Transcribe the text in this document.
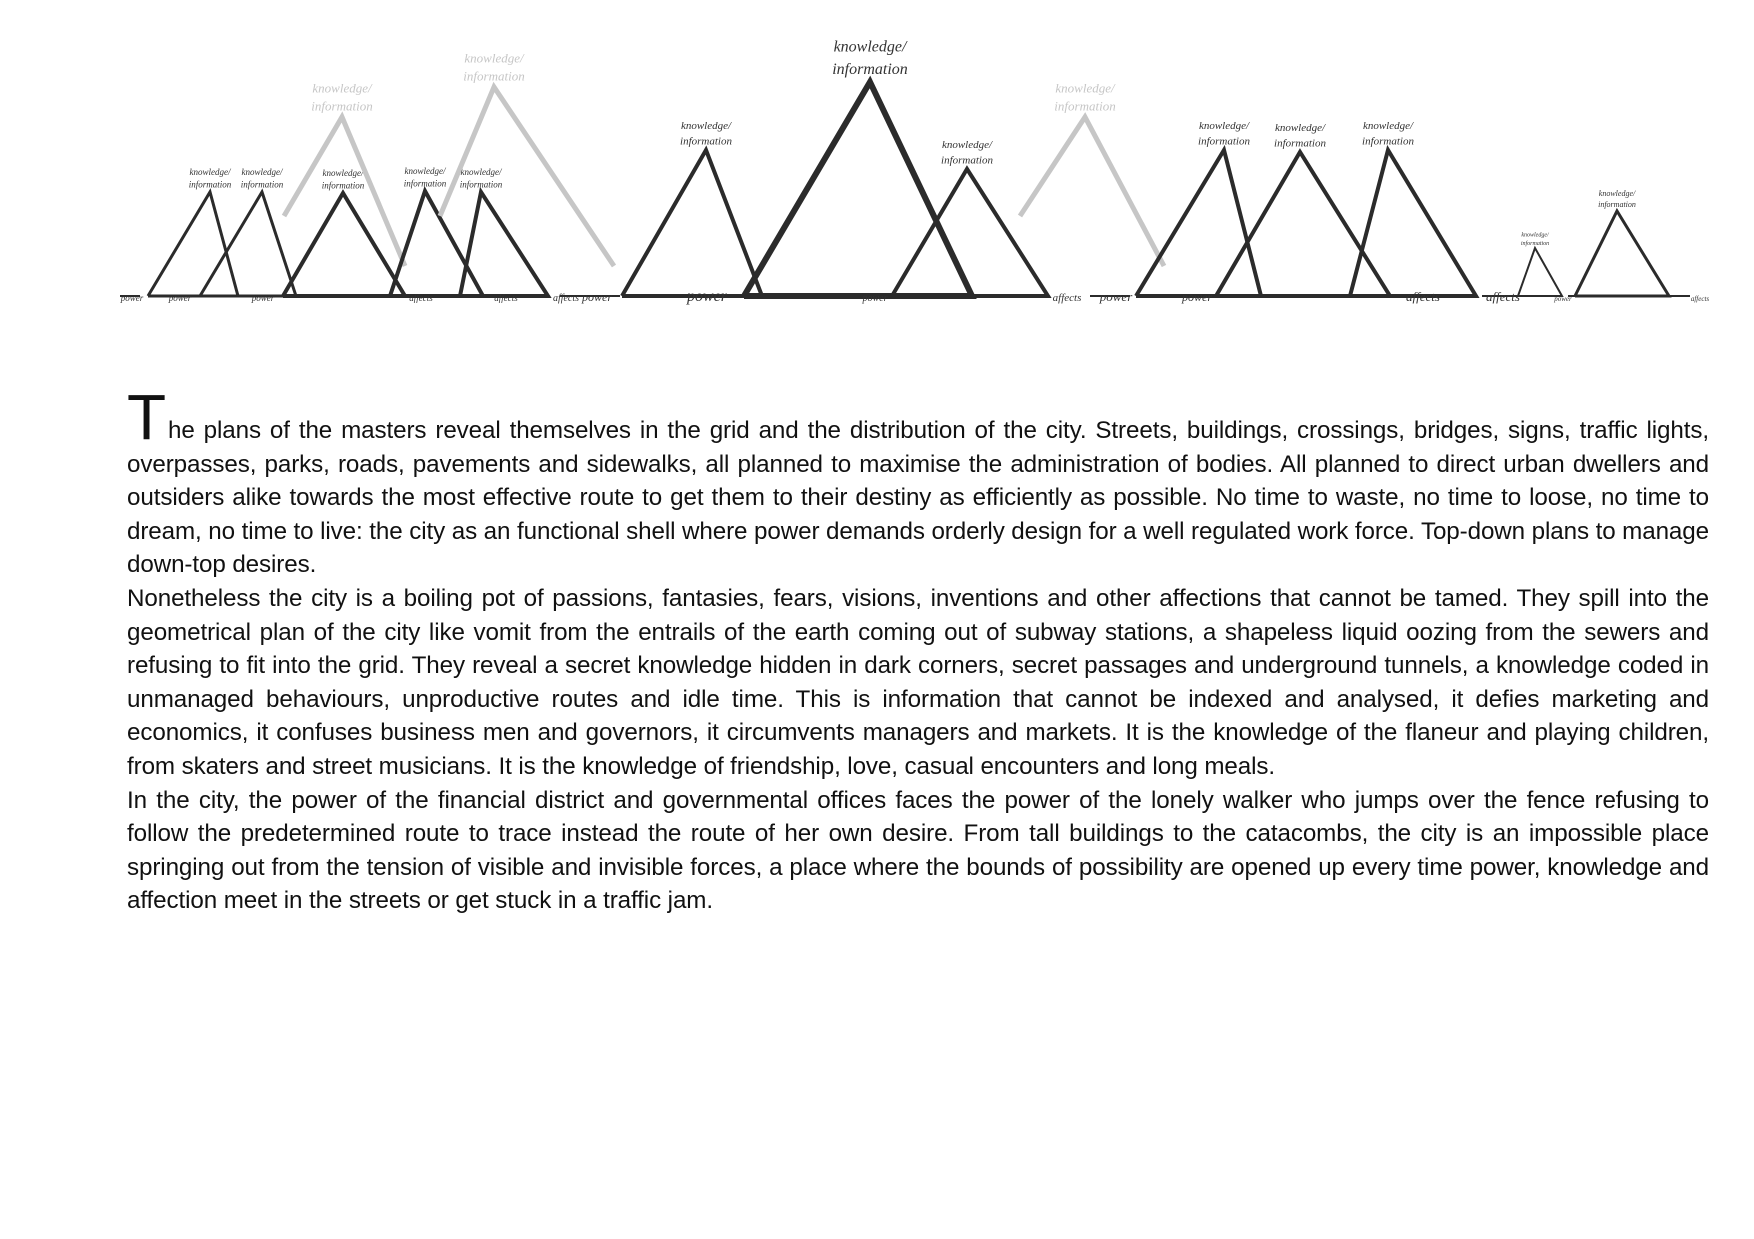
knowledge/
information
knowledge/
information
knowledge/
information
knowledge/
information
knowledge/
information
knowledge/
information
knowledge/
information
knowledge/
information
knowledge/
information
knowledge/
information
knowledge/
information
knowledge/
information
knowledge/
information
knowledge/
information
knowledge/
information
knowledge/
information
power	power	power	affects	affects	affects power	power	power	affects power	power	affects	affects	power	affects

The plans of the masters reveal themselves in the grid and the distribution of the city. Streets, buildings, crossings, bridges, signs, traffic lights, overpasses, parks, roads, pavements and sidewalks, all planned to maximise the administration of bodies. All planned to direct urban dwellers and outsiders alike towards the most effective route to get them to their destiny as efficiently as possible. No time to waste, no time to loose, no time to dream, no time to live: the city as an functional shell where power demands orderly design for a well regulated work force. Top-down plans to manage down-top desires.

Nonetheless the city is a boiling pot of passions, fantasies, fears, visions, inventions and other affections that cannot be tamed. They spill into the geometrical plan of the city like vomit from the entrails of the earth coming out of subway stations, a shapeless liquid oozing from the sewers and refusing to fit into the grid. They reveal a secret knowledge hidden in dark corners, secret passages and underground tunnels, a knowledge coded in unmanaged behaviours, unproductive routes and idle time. This is information that cannot be indexed and analysed, it defies marketing and economics, it confuses business men and governors, it circumvents managers and markets. It is the knowledge of the flaneur and playing children, from skaters and street musicians. It is the knowledge of friendship, love, casual encounters and long meals.

In the city, the power of the financial district and governmental offices faces the power of the lonely walker who jumps over the fence refusing to follow the predetermined route to trace instead the route of her own desire. From tall buildings to the catacombs, the city is an impossible place springing out from the tension of visible and invisible forces, a place where the bounds of possibility are opened up every time power, knowledge and affection meet in the streets or get stuck in a traffic jam.
